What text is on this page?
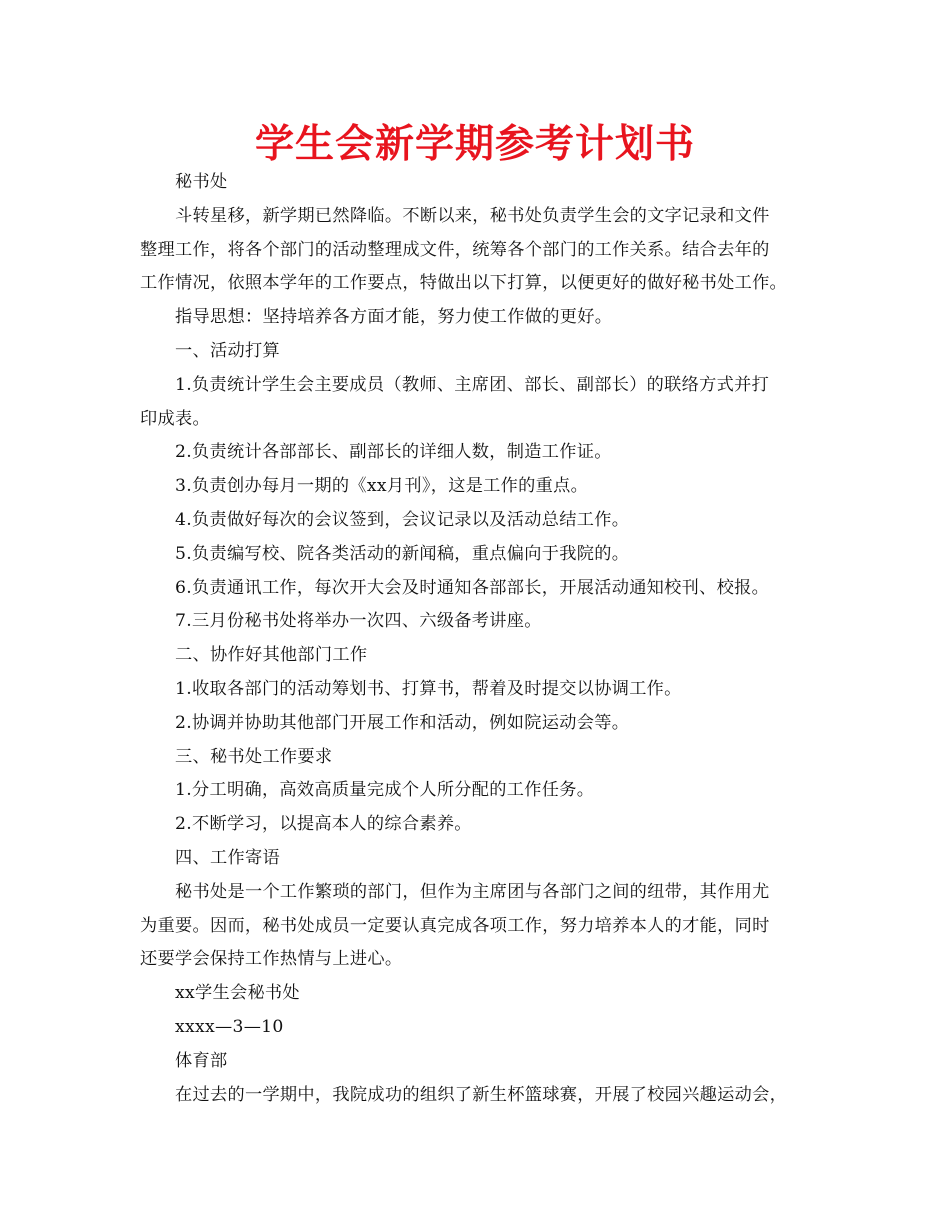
学生会新学期参考计划书

秘书处

斗转星移，新学期已然降临。不断以来，秘书处负责学生会的文字记录和文件

整理工作，将各个部门的活动整理成文件，统筹各个部门的工作关系。结合去年的

工作情况，依照本学年的工作要点，特做出以下打算，以便更好的做好秘书处工作。

指导思想：坚持培养各方面才能，努力使工作做的更好。

一、活动打算

1.负责统计学生会主要成员（教师、主席团、部长、副部长）的联络方式并打

印成表。

2.负责统计各部部长、副部长的详细人数，制造工作证。

3.负责创办每月一期的《xx月刊》，这是工作的重点。

4.负责做好每次的会议签到，会议记录以及活动总结工作。

5.负责编写校、院各类活动的新闻稿，重点偏向于我院的。

6.负责通讯工作，每次开大会及时通知各部部长，开展活动通知校刊、校报。

7.三月份秘书处将举办一次四、六级备考讲座。

二、协作好其他部门工作

1.收取各部门的活动筹划书、打算书，帮着及时提交以协调工作。

2.协调并协助其他部门开展工作和活动，例如院运动会等。

三、秘书处工作要求

1.分工明确，高效高质量完成个人所分配的工作任务。

2.不断学习，以提高本人的综合素养。

四、工作寄语

秘书处是一个工作繁琐的部门，但作为主席团与各部门之间的纽带，其作用尤

为重要。因而，秘书处成员一定要认真完成各项工作，努力培养本人的才能，同时

还要学会保持工作热情与上进心。

xx学生会秘书处

xxxx—3—10

体育部

在过去的一学期中，我院成功的组织了新生杯篮球赛，开展了校园兴趣运动会，
